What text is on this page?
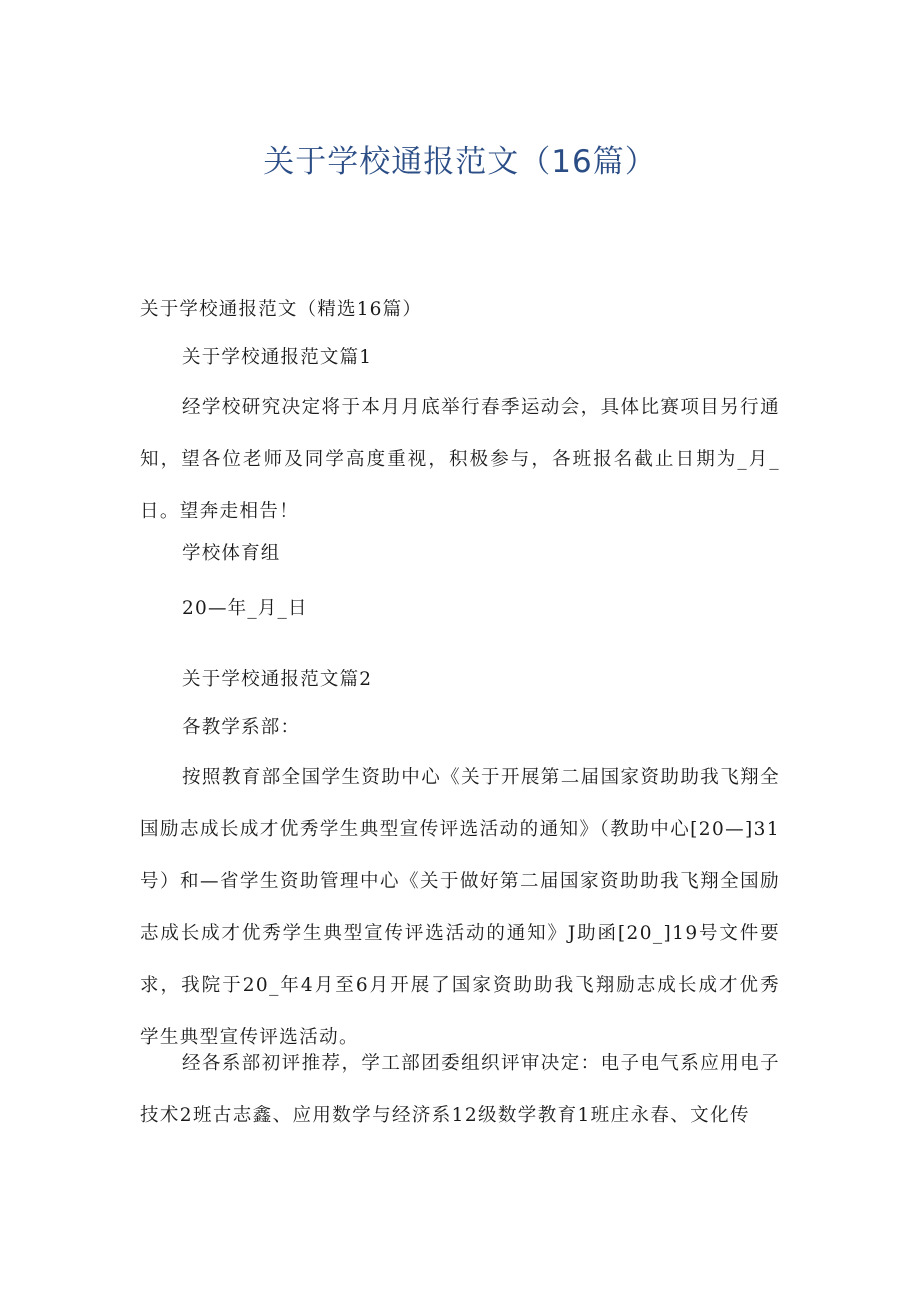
关于学校通报范文（16篇）
关于学校通报范文（精选16篇）
关于学校通报范文篇1
经学校研究决定将于本月月底举行春季运动会，具体比赛项目另行通知，望各位老师及同学高度重视，积极参与，各班报名截止日期为_月_日。望奔走相告！
学校体育组
20—年_月_日
关于学校通报范文篇2
各教学系部：
按照教育部全国学生资助中心《关于开展第二届国家资助助我飞翔全国励志成长成才优秀学生典型宣传评选活动的通知》（教助中心[20—]31号）和—省学生资助管理中心《关于做好第二届国家资助助我飞翔全国励志成长成才优秀学生典型宣传评选活动的通知》J助函[20_]19号文件要求，我院于20_年4月至6月开展了国家资助助我飞翔励志成长成才优秀学生典型宣传评选活动。
经各系部初评推荐，学工部团委组织评审决定：电子电气系应用电子技术2班古志鑫、应用数学与经济系12级数学教育1班庄永春、文化传
